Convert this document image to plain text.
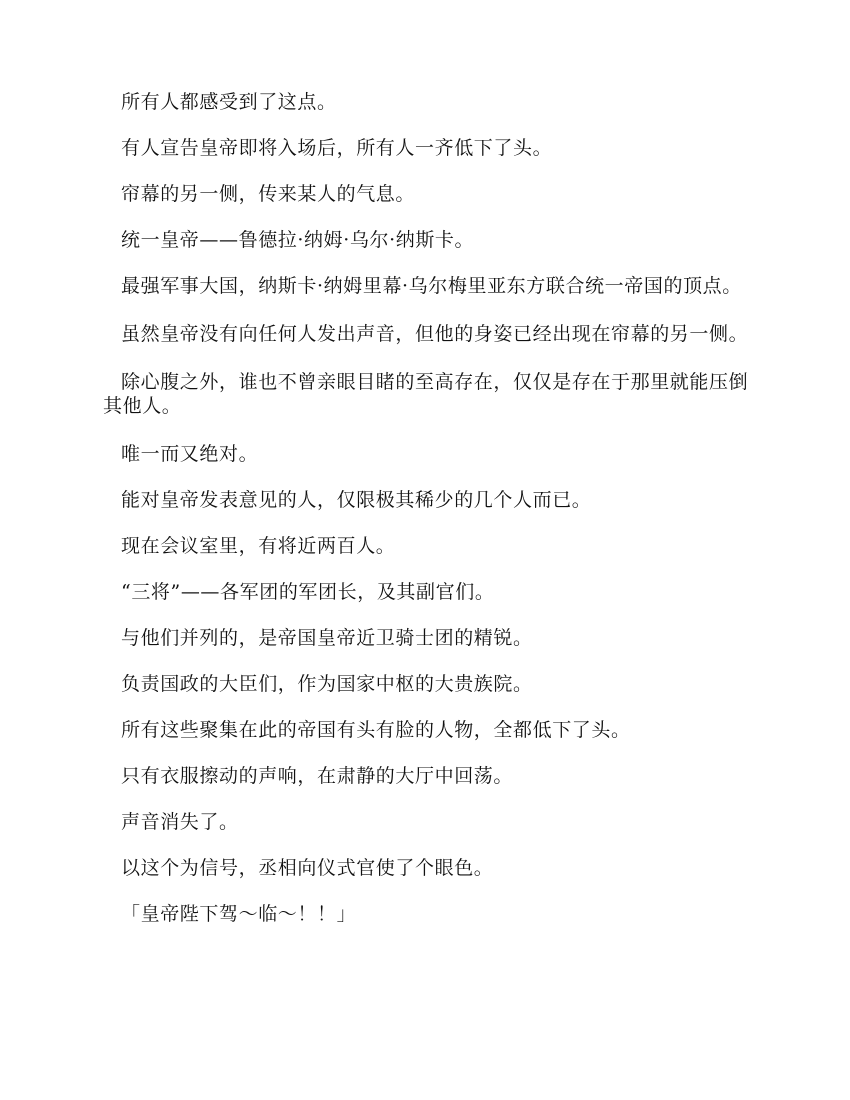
所有人都感受到了这点。

有人宣告皇帝即将入场后，所有人一齐低下了头。

帘幕的另一侧，传来某人的气息。

统一皇帝——鲁德拉·纳姆·乌尔·纳斯卡。

最强军事大国，纳斯卡·纳姆里幕·乌尔梅里亚东方联合统一帝国的顶点。

虽然皇帝没有向任何人发出声音，但他的身姿已经出现在帘幕的另一侧。

除心腹之外，谁也不曾亲眼目睹的至高存在，仅仅是存在于那里就能压倒其他人。

唯一而又绝对。

能对皇帝发表意见的人，仅限极其稀少的几个人而已。

现在会议室里，有将近两百人。

“三将”——各军团的军团长，及其副官们。

与他们并列的，是帝国皇帝近卫骑士团的精锐。

负责国政的大臣们，作为国家中枢的大贵族院。

所有这些聚集在此的帝国有头有脸的人物，全都低下了头。

只有衣服擦动的声响，在肃静的大厅中回荡。

声音消失了。

以这个为信号，丞相向仪式官使了个眼色。

「皇帝陛下驾～临～！！」
